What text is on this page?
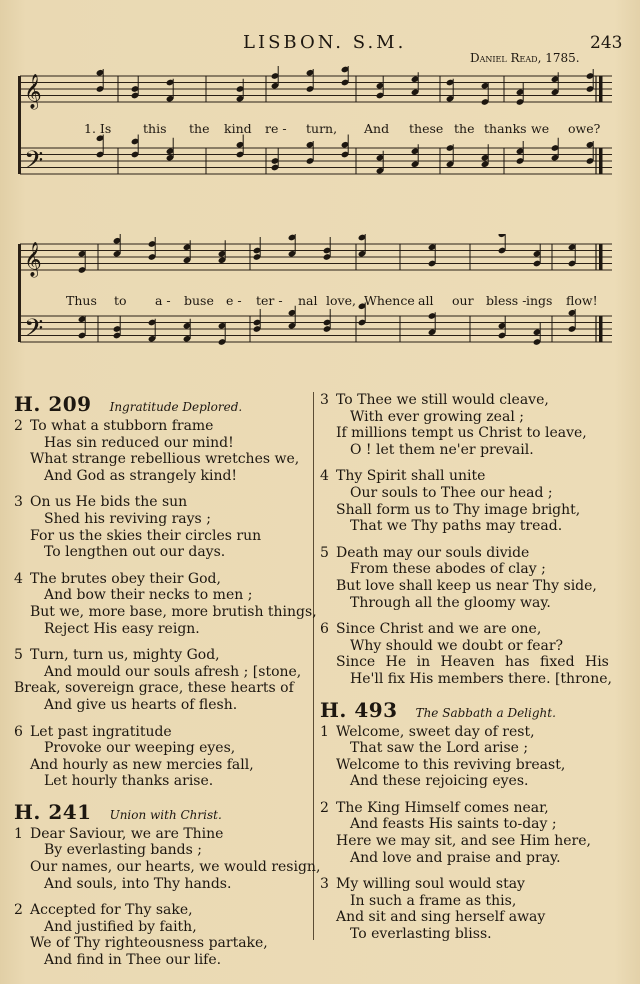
LISBON. S.M.	243
Daniel Read, 1785.
𝄞
𝄢
1. Is	this the kind re - turn, And these the thanks we owe?
𝄞
𝄢
Thus to a - buse e - ter - nal love, Whence all our bless - ings flow!
H. 209 Ingratitude Deplored.
2 To what a stubborn frame
Has sin reduced our mind!
What strange rebellious wretches we,
And God as strangely kind!
3 On us He bids the sun
Shed his reviving rays ;
For us the skies their circles run
To lengthen out our days.
4 The brutes obey their God,
And bow their necks to men ;
But we, more base, more brutish things,
Reject His easy reign.
5 Turn, turn us, mighty God,
And mould our souls afresh ; [stone,
Break, sovereign grace, these hearts of
And give us hearts of flesh.
6 Let past ingratitude
Provoke our weeping eyes,
And hourly as new mercies fall,
Let hourly thanks arise.
H. 241 Union with Christ.
1 Dear Saviour, we are Thine
By everlasting bands ;
Our names, our hearts, we would resign,
And souls, into Thy hands.
2 Accepted for Thy sake,
And justified by faith,
We of Thy righteousness partake,
And find in Thee our life.
3 To Thee we still would cleave,
With ever growing zeal ;
If millions tempt us Christ to leave,
O ! let them ne'er prevail.
4 Thy Spirit shall unite
Our souls to Thee our head ;
Shall form us to Thy image bright,
That we Thy paths may tread.
5 Death may our souls divide
From these abodes of clay ;
But love shall keep us near Thy side,
Through all the gloomy way.
6 Since Christ and we are one,
Why should we doubt or fear?
Since He in Heaven has fixed His
He'll fix His members there. [throne,
H. 493 The Sabbath a Delight.
1 Welcome, sweet day of rest,
That saw the Lord arise ;
Welcome to this reviving breast,
And these rejoicing eyes.
2 The King Himself comes near,
And feasts His saints to-day ;
Here we may sit, and see Him here,
And love and praise and pray.
3 My willing soul would stay
In such a frame as this,
And sit and sing herself away
To everlasting bliss.
